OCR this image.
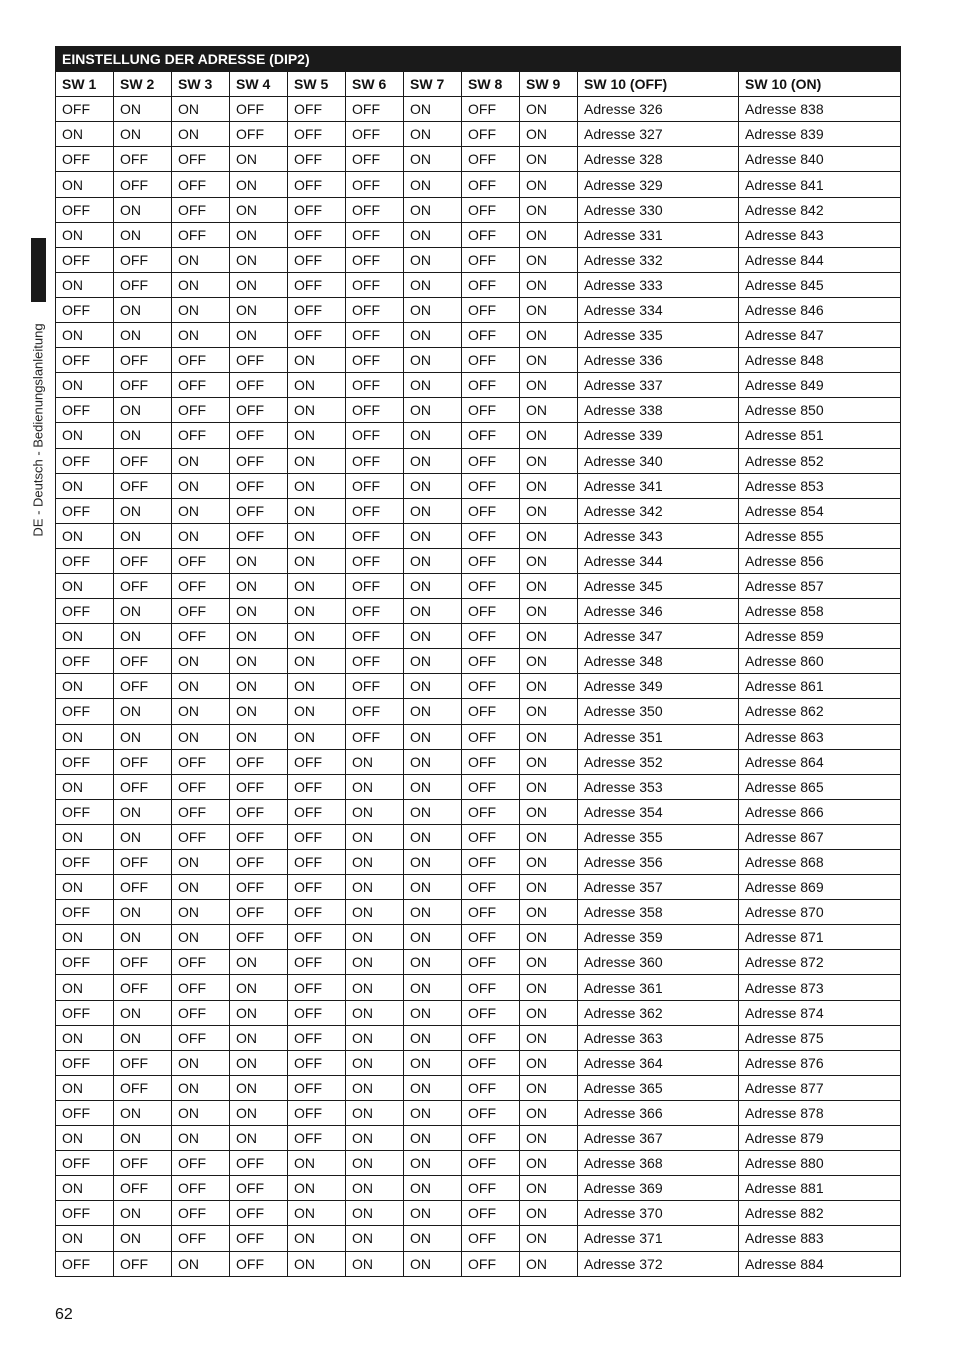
DE - Deutsch - Bedienungslanleitung
EINSTELLUNG DER ADRESSE (DIP2)										
SW 1	SW 2	SW 3	SW 4	SW 5	SW 6	SW 7	SW 8	SW 9	SW 10 (OFF)	SW 10 (ON)
OFF	ON	ON	OFF	OFF	OFF	ON	OFF	ON	Adresse 326	Adresse 838
ON	ON	ON	OFF	OFF	OFF	ON	OFF	ON	Adresse 327	Adresse 839
OFF	OFF	OFF	ON	OFF	OFF	ON	OFF	ON	Adresse 328	Adresse 840
ON	OFF	OFF	ON	OFF	OFF	ON	OFF	ON	Adresse 329	Adresse 841
OFF	ON	OFF	ON	OFF	OFF	ON	OFF	ON	Adresse 330	Adresse 842
ON	ON	OFF	ON	OFF	OFF	ON	OFF	ON	Adresse 331	Adresse 843
OFF	OFF	ON	ON	OFF	OFF	ON	OFF	ON	Adresse 332	Adresse 844
ON	OFF	ON	ON	OFF	OFF	ON	OFF	ON	Adresse 333	Adresse 845
OFF	ON	ON	ON	OFF	OFF	ON	OFF	ON	Adresse 334	Adresse 846
ON	ON	ON	ON	OFF	OFF	ON	OFF	ON	Adresse 335	Adresse 847
OFF	OFF	OFF	OFF	ON	OFF	ON	OFF	ON	Adresse 336	Adresse 848
ON	OFF	OFF	OFF	ON	OFF	ON	OFF	ON	Adresse 337	Adresse 849
OFF	ON	OFF	OFF	ON	OFF	ON	OFF	ON	Adresse 338	Adresse 850
ON	ON	OFF	OFF	ON	OFF	ON	OFF	ON	Adresse 339	Adresse 851
OFF	OFF	ON	OFF	ON	OFF	ON	OFF	ON	Adresse 340	Adresse 852
ON	OFF	ON	OFF	ON	OFF	ON	OFF	ON	Adresse 341	Adresse 853
OFF	ON	ON	OFF	ON	OFF	ON	OFF	ON	Adresse 342	Adresse 854
ON	ON	ON	OFF	ON	OFF	ON	OFF	ON	Adresse 343	Adresse 855
OFF	OFF	OFF	ON	ON	OFF	ON	OFF	ON	Adresse 344	Adresse 856
ON	OFF	OFF	ON	ON	OFF	ON	OFF	ON	Adresse 345	Adresse 857
OFF	ON	OFF	ON	ON	OFF	ON	OFF	ON	Adresse 346	Adresse 858
ON	ON	OFF	ON	ON	OFF	ON	OFF	ON	Adresse 347	Adresse 859
OFF	OFF	ON	ON	ON	OFF	ON	OFF	ON	Adresse 348	Adresse 860
ON	OFF	ON	ON	ON	OFF	ON	OFF	ON	Adresse 349	Adresse 861
OFF	ON	ON	ON	ON	OFF	ON	OFF	ON	Adresse 350	Adresse 862
ON	ON	ON	ON	ON	OFF	ON	OFF	ON	Adresse 351	Adresse 863
OFF	OFF	OFF	OFF	OFF	ON	ON	OFF	ON	Adresse 352	Adresse 864
ON	OFF	OFF	OFF	OFF	ON	ON	OFF	ON	Adresse 353	Adresse 865
OFF	ON	OFF	OFF	OFF	ON	ON	OFF	ON	Adresse 354	Adresse 866
ON	ON	OFF	OFF	OFF	ON	ON	OFF	ON	Adresse 355	Adresse 867
OFF	OFF	ON	OFF	OFF	ON	ON	OFF	ON	Adresse 356	Adresse 868
ON	OFF	ON	OFF	OFF	ON	ON	OFF	ON	Adresse 357	Adresse 869
OFF	ON	ON	OFF	OFF	ON	ON	OFF	ON	Adresse 358	Adresse 870
ON	ON	ON	OFF	OFF	ON	ON	OFF	ON	Adresse 359	Adresse 871
OFF	OFF	OFF	ON	OFF	ON	ON	OFF	ON	Adresse 360	Adresse 872
ON	OFF	OFF	ON	OFF	ON	ON	OFF	ON	Adresse 361	Adresse 873
OFF	ON	OFF	ON	OFF	ON	ON	OFF	ON	Adresse 362	Adresse 874
ON	ON	OFF	ON	OFF	ON	ON	OFF	ON	Adresse 363	Adresse 875
OFF	OFF	ON	ON	OFF	ON	ON	OFF	ON	Adresse 364	Adresse 876
ON	OFF	ON	ON	OFF	ON	ON	OFF	ON	Adresse 365	Adresse 877
OFF	ON	ON	ON	OFF	ON	ON	OFF	ON	Adresse 366	Adresse 878
ON	ON	ON	ON	OFF	ON	ON	OFF	ON	Adresse 367	Adresse 879
OFF	OFF	OFF	OFF	ON	ON	ON	OFF	ON	Adresse 368	Adresse 880
ON	OFF	OFF	OFF	ON	ON	ON	OFF	ON	Adresse 369	Adresse 881
OFF	ON	OFF	OFF	ON	ON	ON	OFF	ON	Adresse 370	Adresse 882
ON	ON	OFF	OFF	ON	ON	ON	OFF	ON	Adresse 371	Adresse 883
OFF	OFF	ON	OFF	ON	ON	ON	OFF	ON	Adresse 372	Adresse 884
62
